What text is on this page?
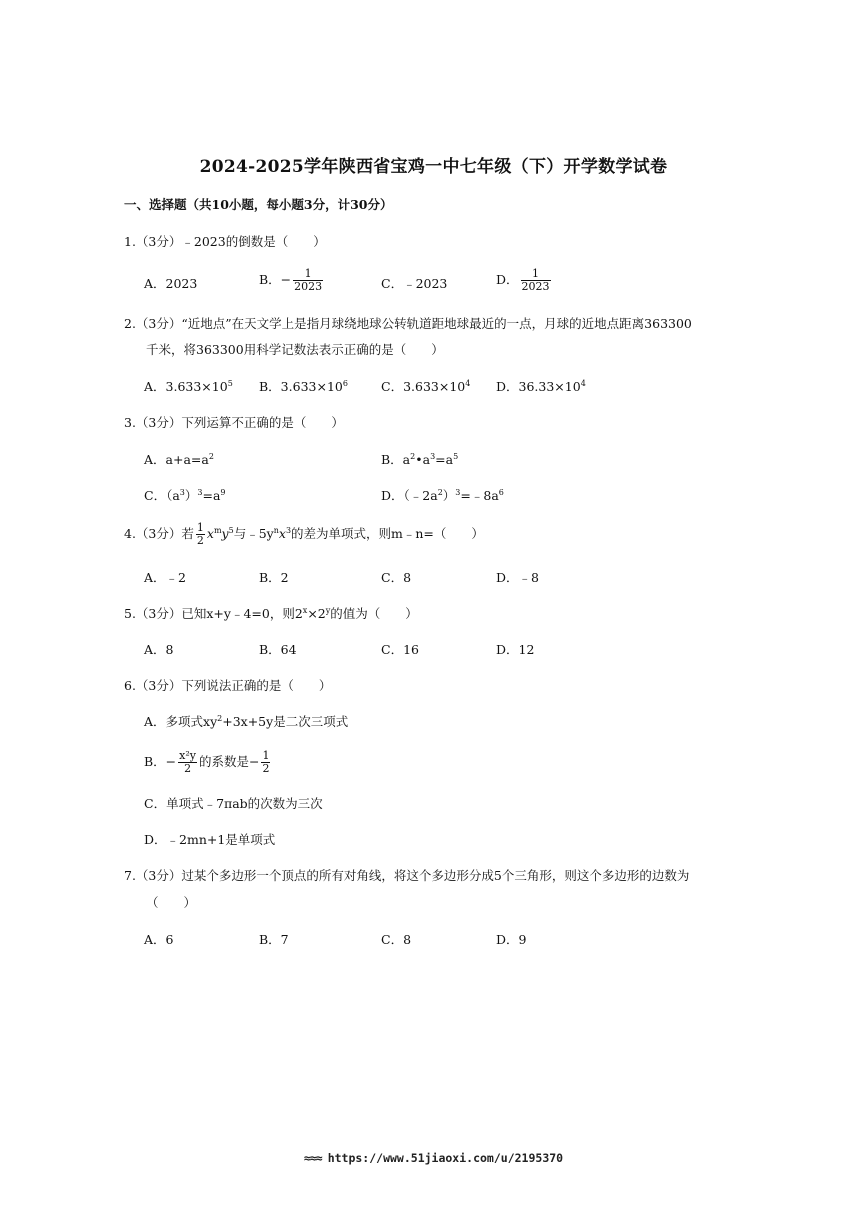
2024-2025学年陕西省宝鸡一中七年级（下）开学数学试卷
一、选择题（共10小题，每小题3分，计30分）
1.（3分）﹣2023的倒数是（　　）
A．2023	B．− $\frac{1}{2023}$	C．﹣2023	D． $\frac{1}{2023}$
2.（3分）“近地点”在天文学上是指月球绕地球公转轨道距地球最近的一点，月球的近地点距离363300
千米，将363300用科学记数法表示正确的是（　　）
A．$3.633\times 10^5$ B．$3.633\times 10^6$	C．$3.633\times 10^4$ D．$36.33\times 10^4$
3.（3分）下列运算不正确的是（　　）
A．$a+a=a^2$	B．$a^2•a^3=a^5$
C．$(a^3)^3=a^9$	D．$(﹣2a^2)^3=﹣8a^6$
4.（3分）若 $\frac{1}{2} x^my^5$与$﹣5y^nx^3$的差为单项式，则m﹣n=（　　）
A．﹣2	B．2	C．8	D．﹣8
5.（3分）已知x+y﹣4=0，则$2^x\times 2^y$的值为（　　）
A．8	B．64	C．16	D．12
6.（3分）下列说法正确的是（　　）
A．多项式$xy^2+3x+5y$是二次三项式
B．− $\frac{\text{x²y}}{2}$ 的系数是− $\frac{1}{2}$
C．单项式﹣7πab的次数为三次
D．﹣2mn+1是单项式
7.（3分）过某个多边形一个顶点的所有对角线，将这个多边形分成5个三角形，则这个多边形的边数为
（　　）
A．6	B．7	C．8	D．9
≈≈≈ https://www.51jiaoxi.com/u/2195370
